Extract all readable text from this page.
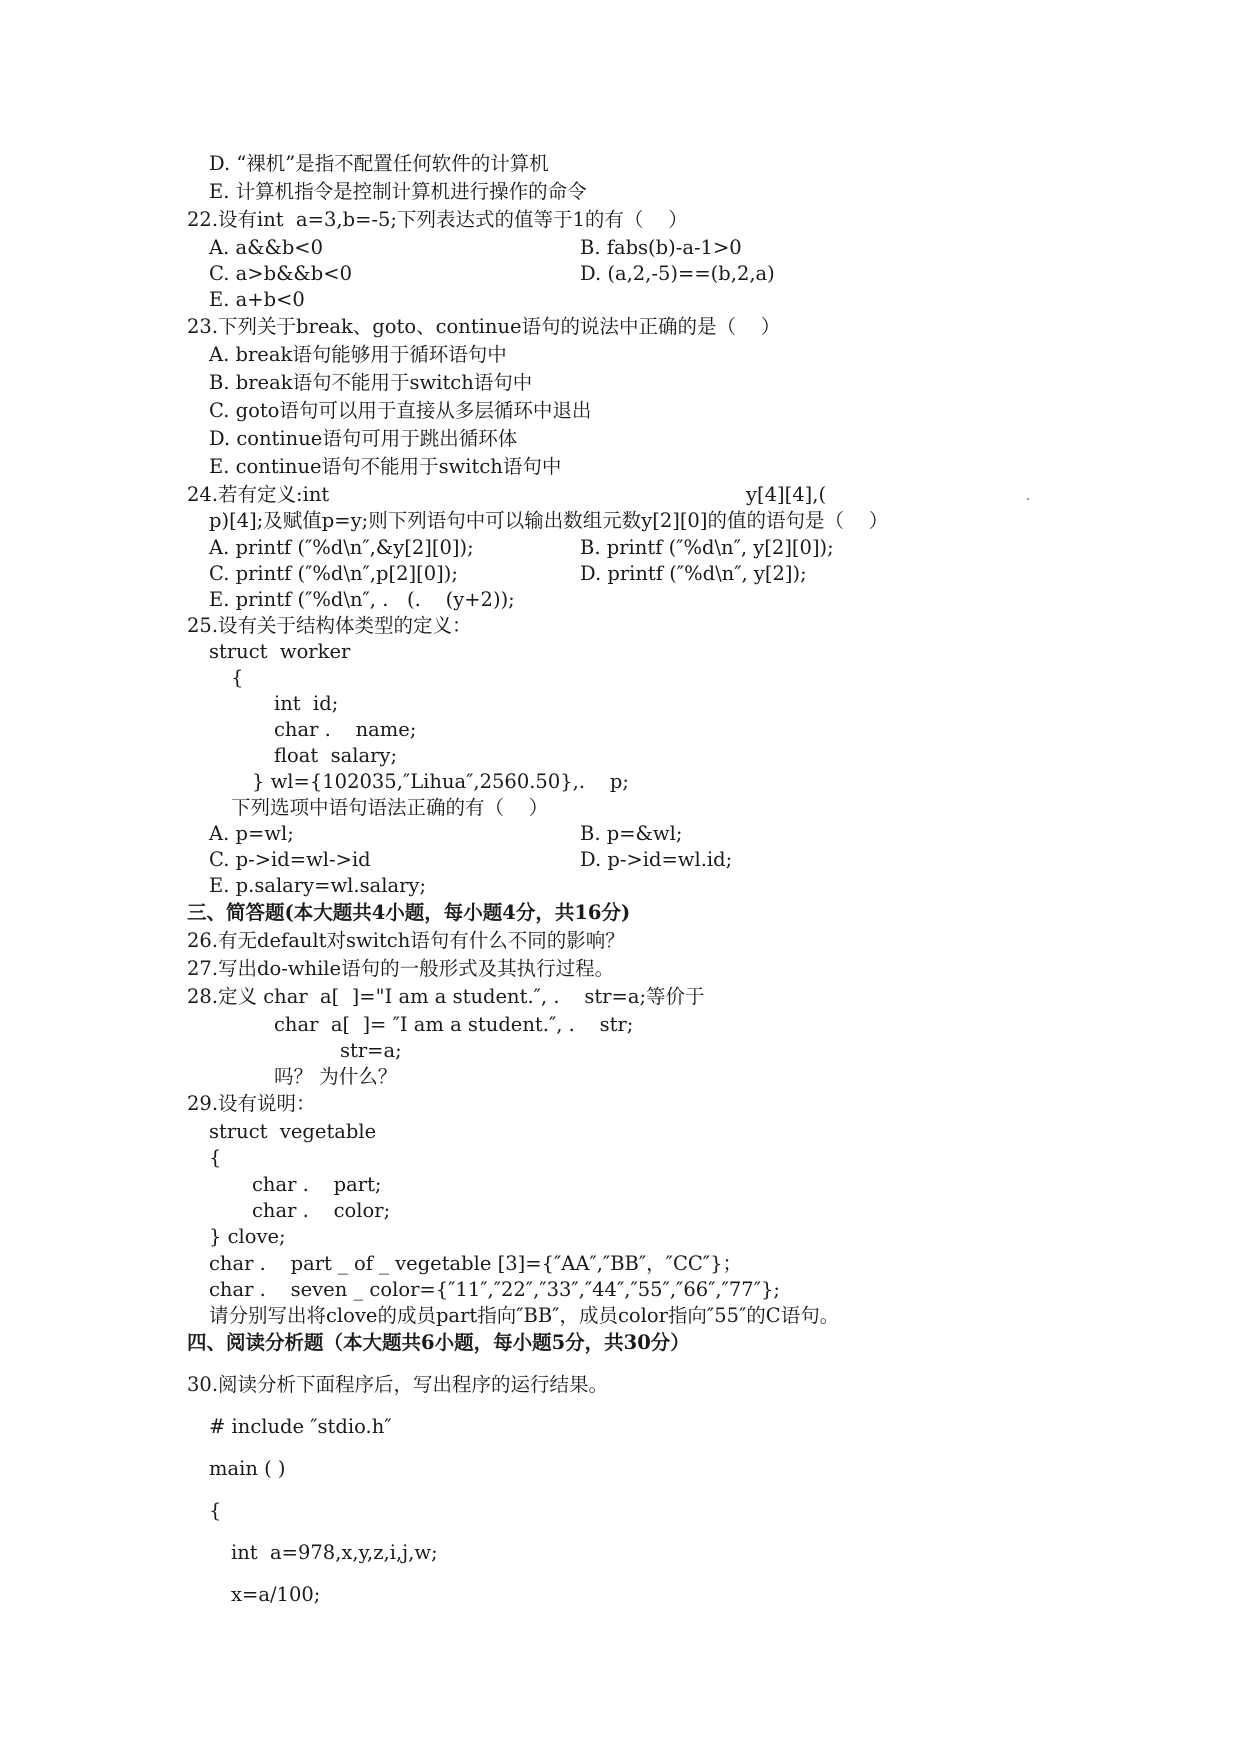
D. “裸机”是指不配置任何软件的计算机
E. 计算机指令是控制计算机进行操作的命令
22.设有int  a=3,b=-5;下列表达式的值等于1的有（    ）
A. a&&b<0	B. fabs(b)-a-1>0
C. a>b&&b<0	D. (a,2,-5)==(b,2,a)
E. a+b<0
23.下列关于break、goto、continue语句的说法中正确的是（    ）
A. break语句能够用于循环语句中
B. break语句不能用于switch语句中
C. goto语句可以用于直接从多层循环中退出
D. continue语句可用于跳出循环体
E. continue语句不能用于switch语句中
24.若有定义:int	y[4][4],(
p)[4];及赋值p=y;则下列语句中可以输出数组元数y[2][0]的值的语句是（    ）
A. printf (″%d\n″,&y[2][0]);	B. printf (″%d\n″, y[2][0]);
C. printf (″%d\n″,p[2][0]);	D. printf (″%d\n″, y[2]);
E. printf (″%d\n″, .   (.    (y+2));
25.设有关于结构体类型的定义：
struct  worker
{
int  id;
char .    name;
float  salary;
} wl={102035,″Lihua″,2560.50},.    p;
下列选项中语句语法正确的有（    ）
A. p=wl;	B. p=&wl;
C. p->id=wl->id	D. p->id=wl.id;
E. p.salary=wl.salary;
三、简答题(本大题共4小题，每小题4分，共16分)
26.有无default对switch语句有什么不同的影响？
27.写出do-while语句的一般形式及其执行过程。
28.定义 char  a[  ]="I am a student.″, .    str=a;等价于
char  a[  ]= ″I am a student.″, .    str;
str=a;
吗？ 为什么？
29.设有说明：
struct  vegetable
{
char .    part;
char .    color;
} clove;
char .    part _ of _ vegetable [3]={″AA″,″BB″，″CC″}；
char .    seven _ color={″11″,″22″,″33″,″44″,″55″,″66″,″77″};
请分别写出将clove的成员part指向″BB″，成员color指向″55″的C语句。
四、阅读分析题（本大题共6小题，每小题5分，共30分）
30.阅读分析下面程序后，写出程序的运行结果。
# include ″stdio.h″
main ( )
{
int  a=978,x,y,z,i,j,w;
x=a/100;
